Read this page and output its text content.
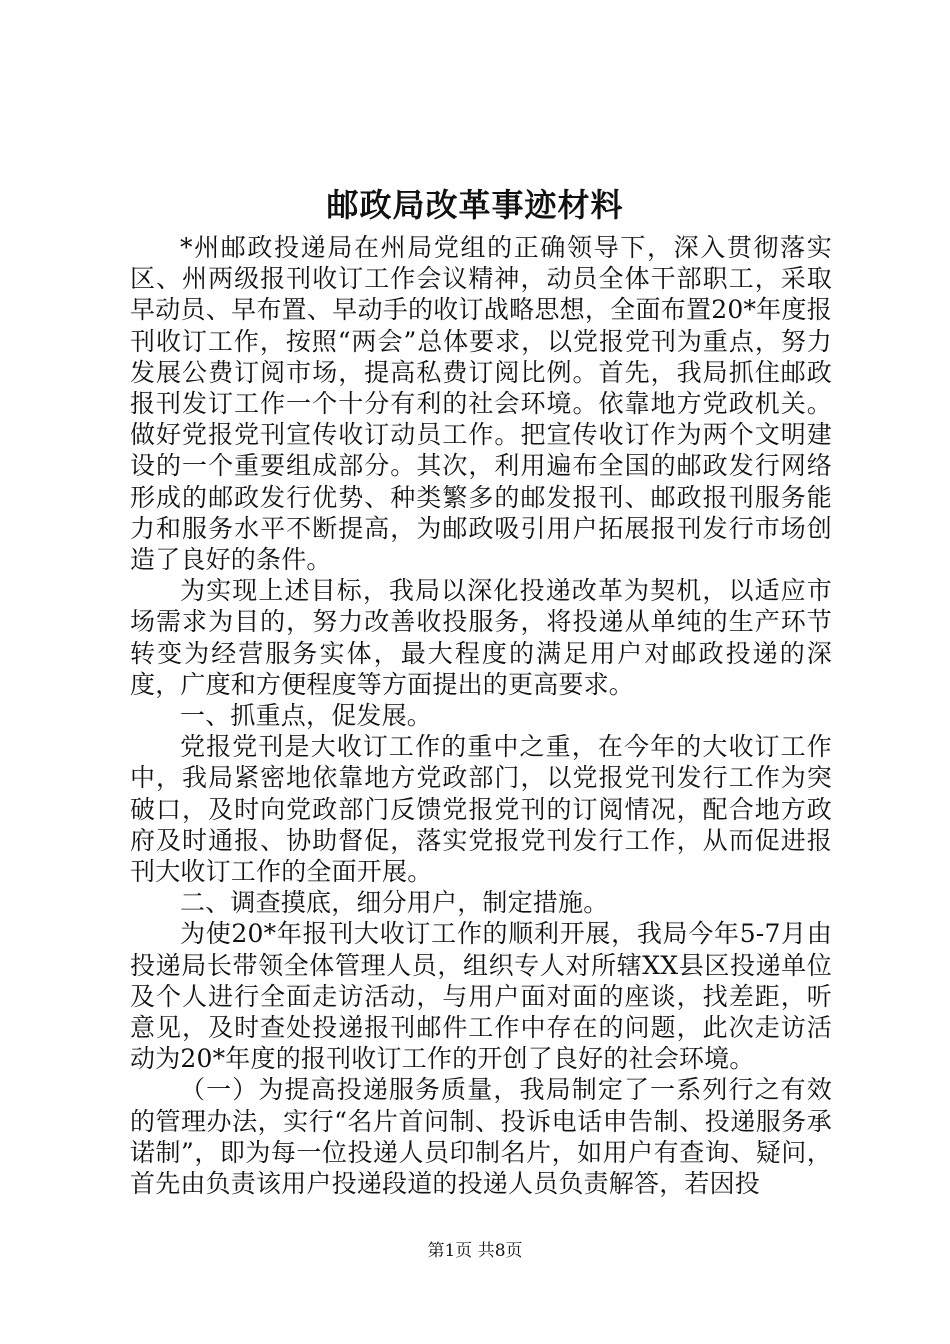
邮政局改革事迹材料

*州邮政投递局在州局党组的正确领导下，深入贯彻落实区、州两级报刊收订工作会议精神，动员全体干部职工，采取早动员、早布置、早动手的收订战略思想，全面布置20*年度报刊收订工作，按照“两会”总体要求，以党报党刊为重点，努力发展公费订阅市场，提高私费订阅比例。首先，我局抓住邮政报刊发订工作一个十分有利的社会环境。依靠地方党政机关。做好党报党刊宣传收订动员工作。把宣传收订作为两个文明建设的一个重要组成部分。其次，利用遍布全国的邮政发行网络形成的邮政发行优势、种类繁多的邮发报刊、邮政报刊服务能力和服务水平不断提高，为邮政吸引用户拓展报刊发行市场创造了良好的条件。

为实现上述目标，我局以深化投递改革为契机，以适应市场需求为目的，努力改善收投服务，将投递从单纯的生产环节转变为经营服务实体，最大程度的满足用户对邮政投递的深度，广度和方便程度等方面提出的更高要求。

一、抓重点，促发展。

党报党刊是大收订工作的重中之重，在今年的大收订工作中，我局紧密地依靠地方党政部门，以党报党刊发行工作为突破口，及时向党政部门反馈党报党刊的订阅情况，配合地方政府及时通报、协助督促，落实党报党刊发行工作，从而促进报刊大收订工作的全面开展。

二、调查摸底，细分用户，制定措施。

为使20*年报刊大收订工作的顺利开展，我局今年5-7月由投递局长带领全体管理人员，组织专人对所辖XX县区投递单位及个人进行全面走访活动，与用户面对面的座谈，找差距，听意见，及时查处投递报刊邮件工作中存在的问题，此次走访活动为20*年度的报刊收订工作的开创了良好的社会环境。

（一）为提高投递服务质量，我局制定了一系列行之有效的管理办法，实行“名片首问制、投诉电话申告制、投递服务承诺制”，即为每一位投递人员印制名片，如用户有查询、疑问，首先由负责该用户投递段道的投递人员负责解答，若因投

第1页 共8页
